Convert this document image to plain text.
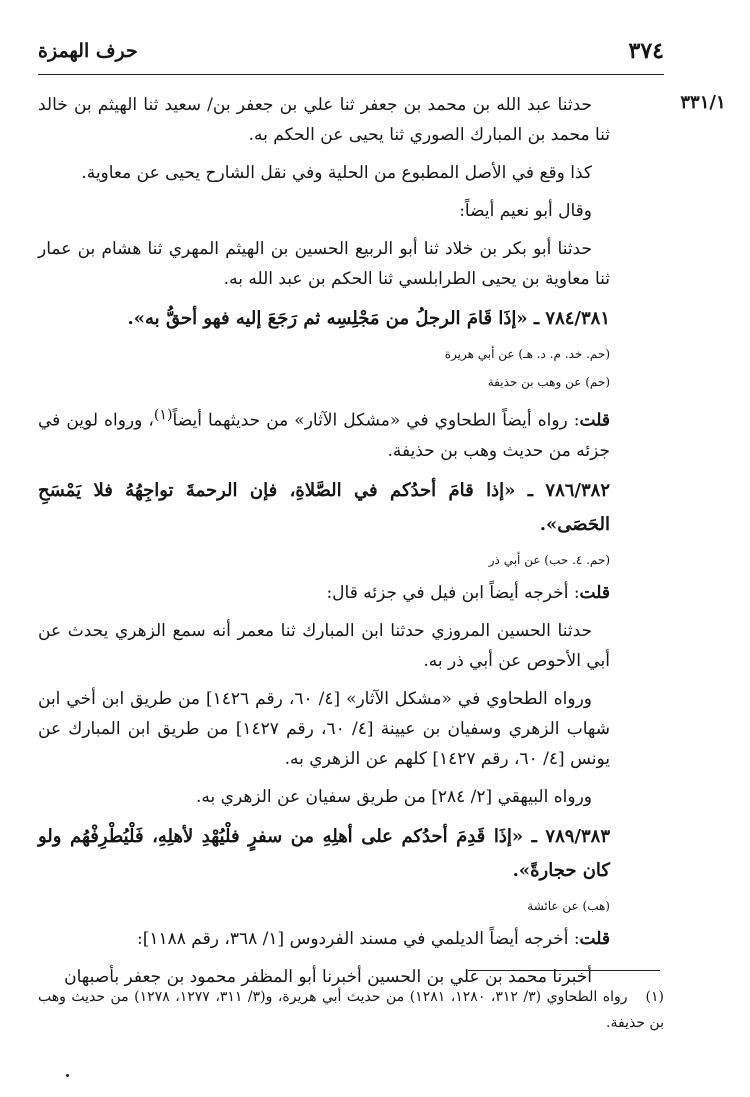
٣٧٤
حرف الهمزة
٣٣١/١

حدثنا عبد الله بن محمد بن جعفر ثنا علي بن جعفر بن/ سعيد ثنا الهيثم بن خالد ثنا محمد بن المبارك الصوري ثنا يحيى عن الحكم به.

كذا وقع في الأصل المطبوع من الحلية وفي نقل الشارح يحيى عن معاوية.

وقال أبو نعيم أيضاً:

حدثنا أبو بكر بن خلاد ثنا أبو الربيع الحسين بن الهيثم المهري ثنا هشام بن عمار ثنا معاوية بن يحيى الطرابلسي ثنا الحكم بن عبد الله به.

٧٨٤/٣٨١ ـ «إذَا قَامَ الرجلُ من مَجْلِسِه ثم رَجَعَ إليه فهو أحقُّ به».

(حم. خد. م. د. هـ) عن أبي هريرة

(حم) عن وهب بن حذيفة

قلت: رواه أيضاً الطحاوي في «مشكل الآثار» من حديثهما أيضاً$^{(١)}$، ورواه لوين في جزئه من حديث وهب بن حذيفة.

٧٨٦/٣٨٢ ـ «إذا قامَ أحدُكم في الصَّلاةِ، فإن الرحمةَ تواجِهُهُ فلا يَمْسَحِ الحَصَى».

(حم. ٤. حب) عن أبي ذر

قلت: أخرجه أيضاً ابن فيل في جزئه قال:

حدثنا الحسين المروزي حدثنا ابن المبارك ثنا معمر أنه سمع الزهري يحدث عن أبي الأحوص عن أبي ذر به.

ورواه الطحاوي في «مشكل الآثار» [٤/ ٦٠، رقم ١٤٢٦] من طريق ابن أخي ابن شهاب الزهري وسفيان بن عيينة [٤/ ٦٠، رقم ١٤٢٧] من طريق ابن المبارك عن يونس [٤/ ٦٠، رقم ١٤٢٧] كلهم عن الزهري به.

ورواه البيهقي [٢/ ٢٨٤] من طريق سفيان عن الزهري به.

٧٨٩/٣٨٣ ـ «إذَا قَدِمَ أحدُكم على أهلِهِ من سفرٍ فلْيُهْدِ لأهلِهِ، فَلْيُطْرِفْهُم ولو كان حجارةً».

(هب) عن عائشة

قلت: أخرجه أيضاً الديلمي في مسند الفردوس [١/ ٣٦٨، رقم ١١٨٨]:

أخبرنا محمد بن علي بن الحسين أخبرنا أبو المظفر محمود بن جعفر بأصبهان

(١)رواه الطحاوي (٣/ ٣١٢، ١٢٨٠، ١٢٨١) من حديث أبي هريرة، و(٣/ ٣١١، ١٢٧٧، ١٢٧٨) من حديث وهب بن حذيفة.
